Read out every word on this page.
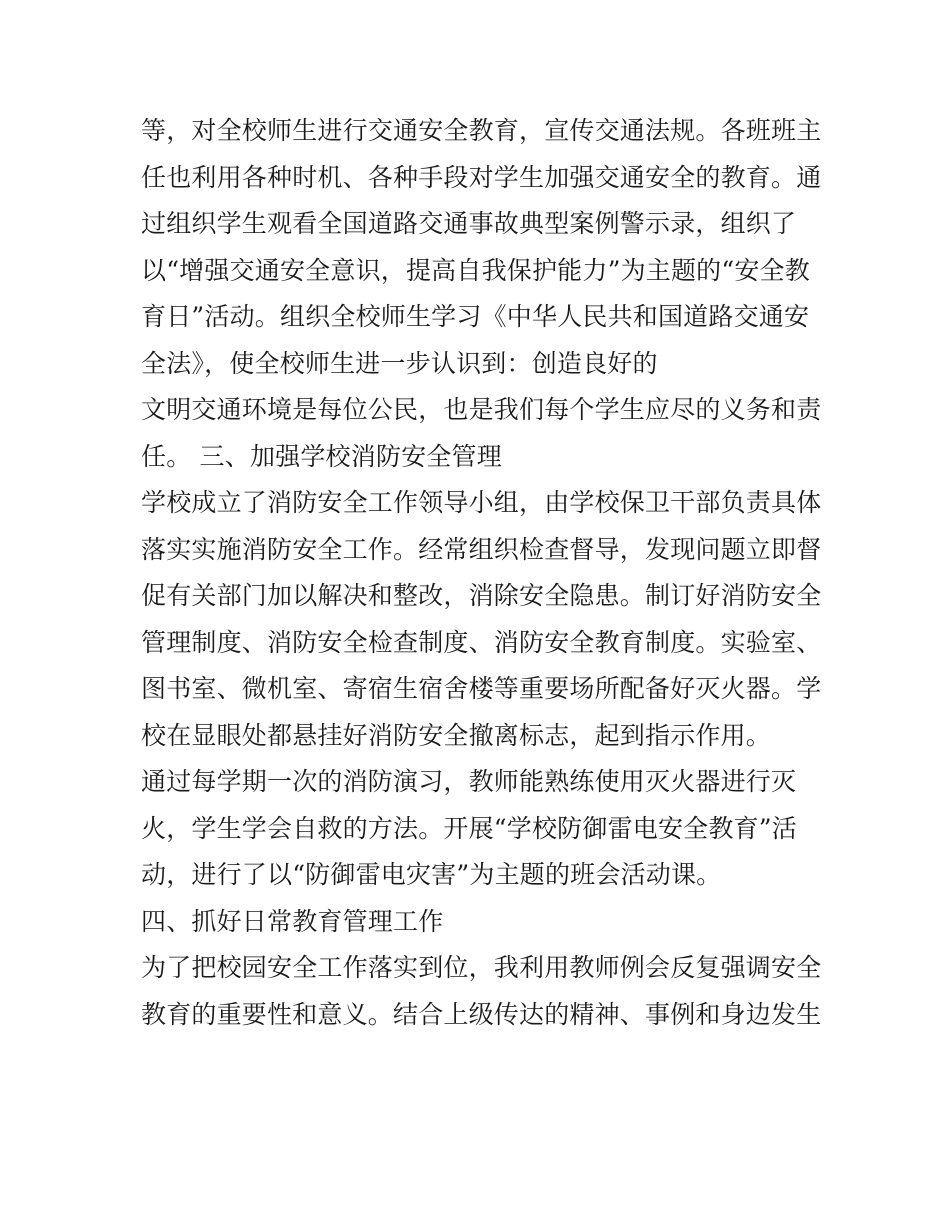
等，对全校师生进行交通安全教育，宣传交通法规。各班班主
任也利用各种时机、各种手段对学生加强交通安全的教育。通
过组织学生观看全国道路交通事故典型案例警示录，组织了
以“增强交通安全意识，提高自我保护能力”为主题的“安全教
育日”活动。组织全校师生学习《中华人民共和国道路交通安
全法》，使全校师生进一步认识到：创造良好的
文明交通环境是每位公民，也是我们每个学生应尽的义务和责
任。 三、加强学校消防安全管理
学校成立了消防安全工作领导小组，由学校保卫干部负责具体
落实实施消防安全工作。经常组织检查督导，发现问题立即督
促有关部门加以解决和整改，消除安全隐患。制订好消防安全
管理制度、消防安全检查制度、消防安全教育制度。实验室、
图书室、微机室、寄宿生宿舍楼等重要场所配备好灭火器。学
校在显眼处都悬挂好消防安全撤离标志，起到指示作用。
通过每学期一次的消防演习，教师能熟练使用灭火器进行灭
火，学生学会自救的方法。开展“学校防御雷电安全教育”活
动，进行了以“防御雷电灾害”为主题的班会活动课。
四、抓好日常教育管理工作
为了把校园安全工作落实到位，我利用教师例会反复强调安全
教育的重要性和意义。结合上级传达的精神、事例和身边发生
